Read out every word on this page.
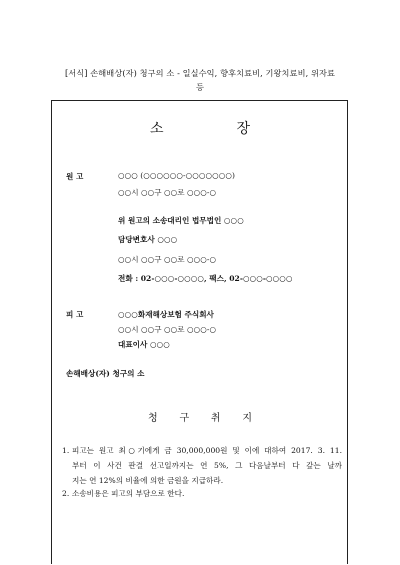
[서식] 손해배상(자) 청구의 소 - 일실수익, 향후치료비, 기왕치료비, 위자료
등
소	장
원 고	○○○ (○○○○○○-○○○○○○○)
○○시 ○○구 ○○로 ○○○-○
위 원고의 소송대리인 법무법인 ○○○
담당변호사 ○○○
○○시 ○○구 ○○로 ○○○-○
전화 : 02-○○○-○○○○, 팩스, 02-○○○-○○○○
피 고	○○○화재해상보험 주식회사
○○시 ○○구 ○○로 ○○○-○
대표이사 ○○○
손해배상(자) 청구의 소
청 구 취 지
1. 피고는 원고 최○기에게 금 30,000,000원 및 이에 대하여 2017. 3. 11.
부터 이 사건 판결 선고일까지는 연 5%, 그 다음날부터 다 갚는 날까
지는 연 12%의 비율에 의한 금원을 지급하라.
2. 소송비용은 피고의 부담으로 한다.
